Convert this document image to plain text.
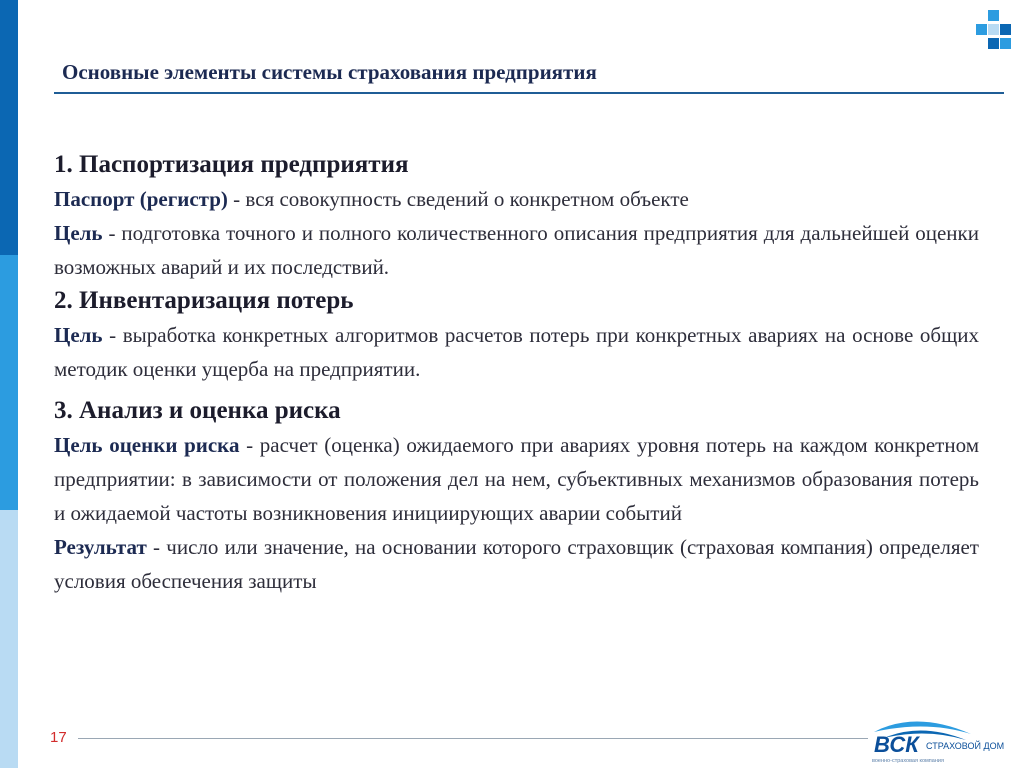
Основные элементы системы страхования предприятия

1. Паспортизация предприятия

Паспорт (регистр) - вся совокупность сведений о конкретном объекте

Цель - подготовка точного и полного количественного описания предприятия для дальнейшей оценки возможных аварий и их последствий.

2. Инвентаризация потерь

Цель - выработка конкретных алгоритмов расчетов потерь при конкретных авариях на основе общих методик оценки ущерба на предприятии.

3. Анализ и оценка риска

Цель оценки риска - расчет (оценка) ожидаемого при авариях уровня потерь на каждом конкретном предприятии: в зависимости от положения дел на нем, субъективных механизмов образования потерь и ожидаемой частоты возникновения инициирующих аварии событий

Результат - число или значение, на основании которого страховщик (страховая компания) определяет условия обеспечения защиты

17	ВСК СТРАХОВОЙ ДОМ
военно-страховая компания
